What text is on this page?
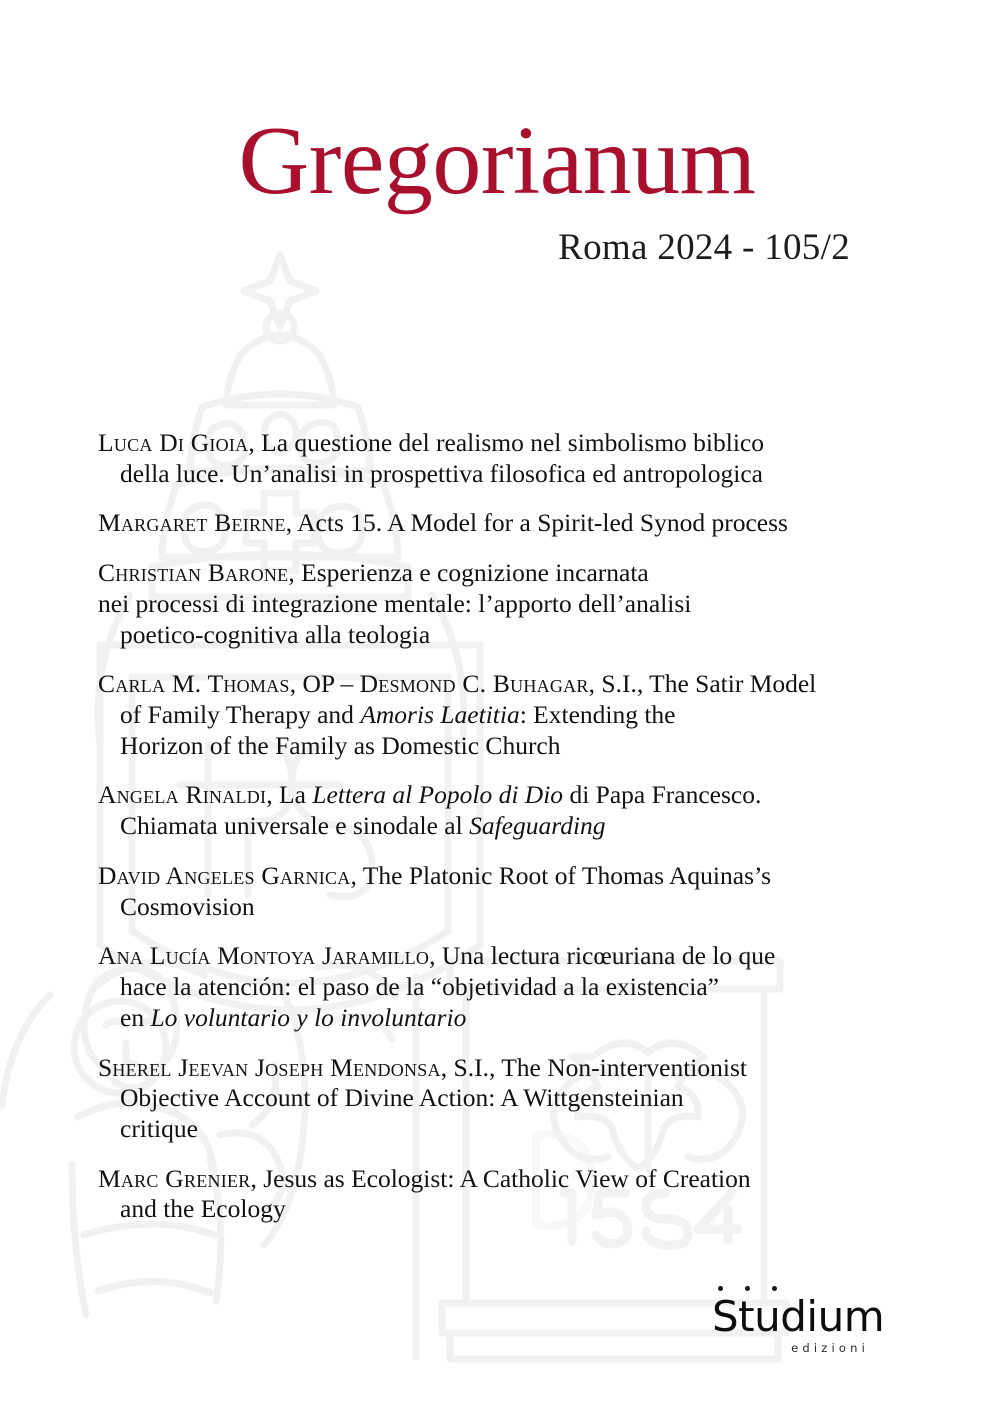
Gregorianum
Roma 2024 - 105/2

Luca Di Gioia, La questione del realismo nel simbolismo biblico
della luce. Un’analisi in prospettiva filosofica ed antropologica

Margaret Beirne, Acts 15. A Model for a Spirit-led Synod process

Christian Barone, Esperienza e cognizione incarnata
nei processi di integrazione mentale: l’apporto dell’analisi
poetico-cognitiva alla teologia

Carla M. Thomas, OP – Desmond C. Buhagar, S.I., The Satir Model
of Family Therapy and Amoris Laetitia: Extending the
Horizon of the Family as Domestic Church

Angela Rinaldi, La Lettera al Popolo di Dio di Papa Francesco.
Chiamata universale e sinodale al Safeguarding

David Angeles Garnica, The Platonic Root of Thomas Aquinas’s
Cosmovision

Ana Lucía Montoya Jaramillo, Una lectura ricœuriana de lo que
hace la atención: el paso de la “objetividad a la existencia”
en Lo voluntario y lo involuntario

Sherel Jeevan Joseph Mendonsa, S.I., The Non-interventionist
Objective Account of Divine Action: A Wittgensteinian
critique

Marc Grenier, Jesus as Ecologist: A Catholic View of Creation
and the Ecology

Studium
edizioni
